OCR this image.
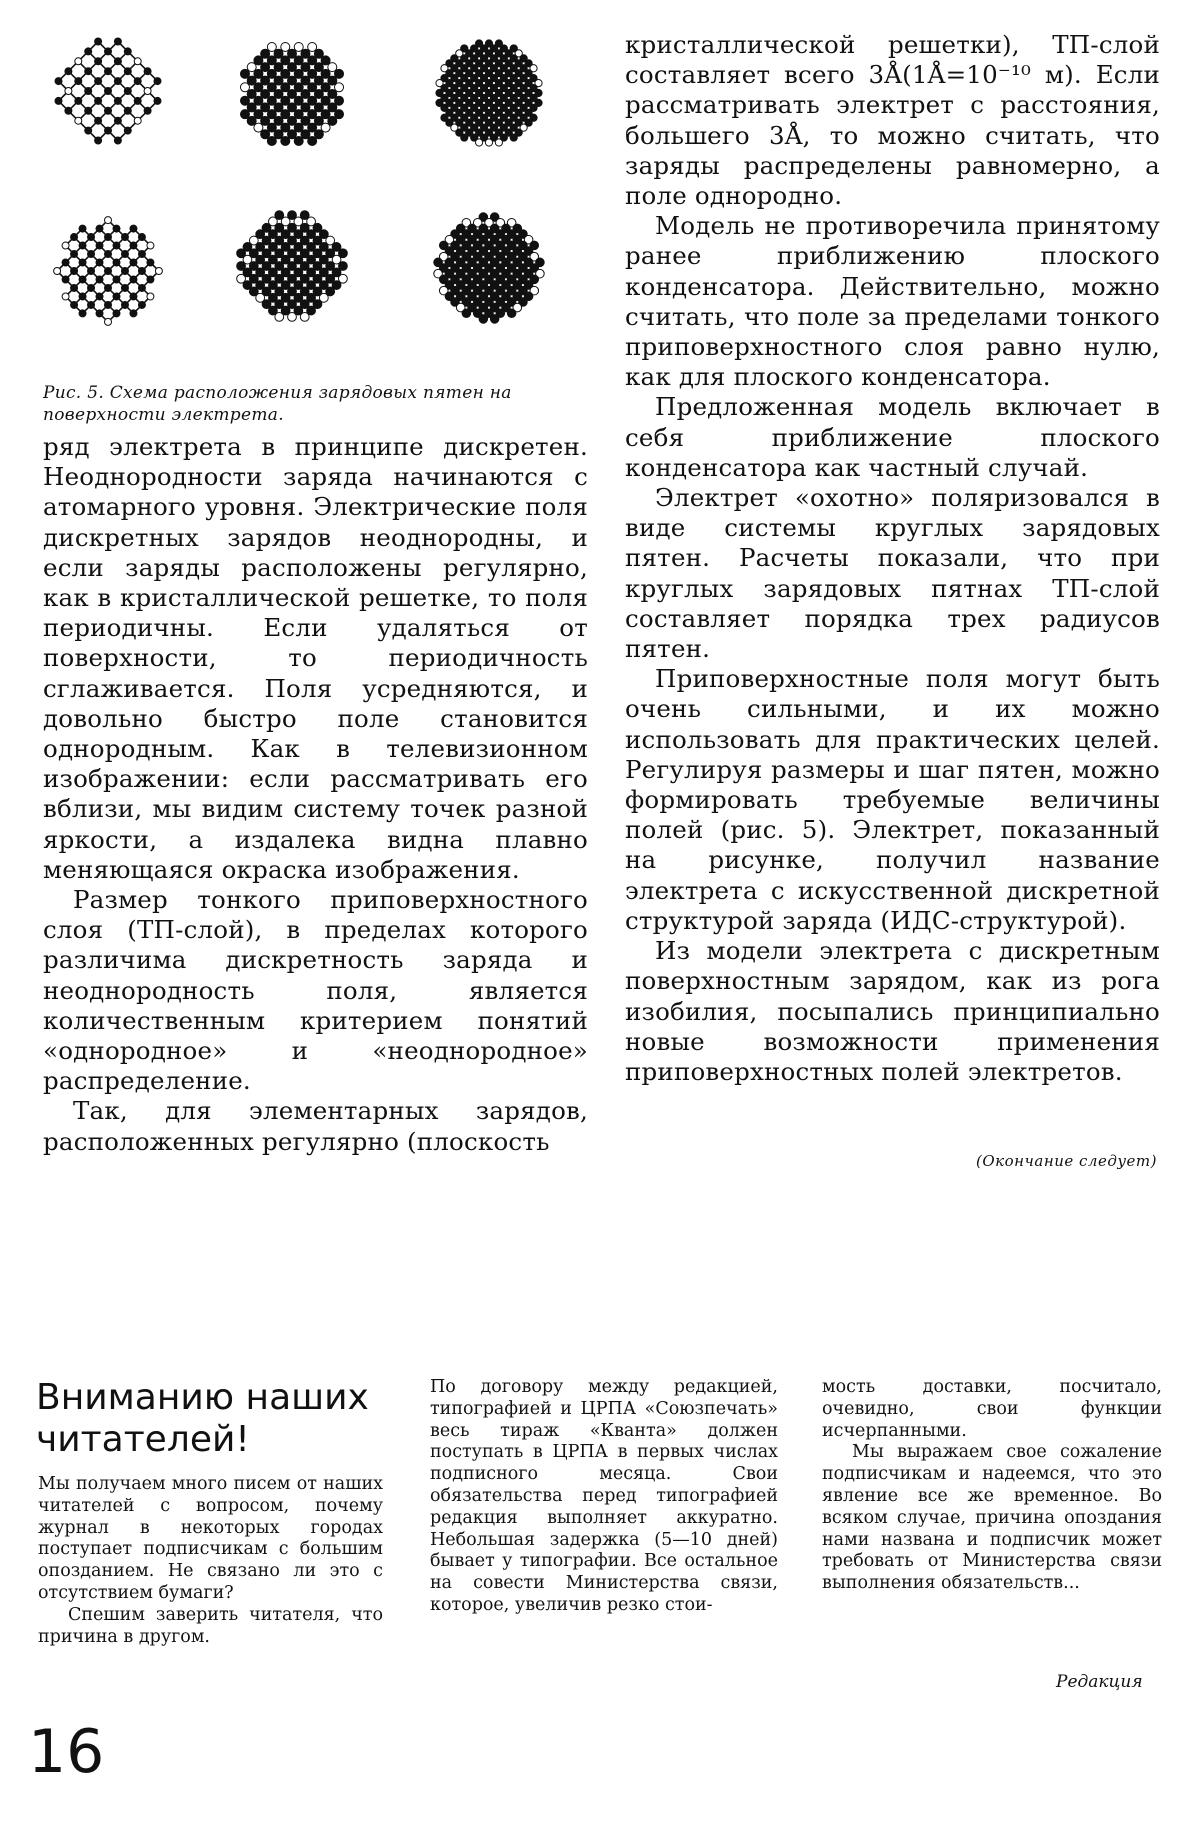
Рис. 5. Схема расположения зарядовых пятен на поверхности электрета.

ряд электрета в принципе дискретен. Неоднородности заряда начинаются с атомарного уровня. Электрические поля дискретных зарядов неоднородны, и если заряды расположены регулярно, как в кристаллической решетке, то поля периодичны. Если удаляться от поверхности, то периодичность сглаживается. Поля усредняются, и довольно быстро поле становится однородным. Как в телевизионном изображении: если рассматривать его вблизи, мы видим систему точек разной яркости, а издалека видна плавно меняющаяся окраска изображения.

Размер тонкого приповерхностного слоя (ТП-слой), в пределах которого различима дискретность заряда и неоднородность поля, является количественным критерием понятий «однородное» и «неоднородное» распределение.

Так, для элементарных зарядов, расположенных регулярно (плоскость

кристаллической решетки), ТП-слой составляет всего 3Å(1Å=10⁻¹⁰ м). Если рассматривать электрет с расстояния, большего 3Å, то можно считать, что заряды распределены равномерно, а поле однородно.

Модель не противоречила принятому ранее приближению плоского конденсатора. Действительно, можно считать, что поле за пределами тонкого приповерхностного слоя равно нулю, как для плоского конденсатора.

Предложенная модель включает в себя приближение плоского конденсатора как частный случай.

Электрет «охотно» поляризовался в виде системы круглых зарядовых пятен. Расчеты показали, что при круглых зарядовых пятнах ТП-слой составляет порядка трех радиусов пятен.

Приповерхностные поля могут быть очень сильными, и их можно использовать для практических целей. Регулируя размеры и шаг пятен, можно формировать требуемые величины полей (рис. 5). Электрет, показанный на рисунке, получил название электрета с искусственной дискретной структурой заряда (ИДС-структурой).

Из модели электрета с дискретным поверхностным зарядом, как из рога изобилия, посыпались принципиально новые возможности применения приповерхностных полей электретов.

(Окончание следует)
Вниманию наших читателей!

Мы получаем много писем от наших читателей с вопросом, почему журнал в некоторых городах поступает подписчикам с большим опозданием. Не связано ли это с отсутствием бумаги?

Спешим заверить читателя, что причина в другом.

По договору между редакцией, типографией и ЦРПА «Союзпечать» весь тираж «Кванта» должен поступать в ЦРПА в первых числах подписного месяца. Свои обязательства перед типографией редакция выполняет аккуратно. Небольшая задержка (5—10 дней) бывает у типографии. Все остальное на совести Министерства связи, которое, увеличив резко стои-

мость доставки, посчитало, очевидно, свои функции исчерпанными.

Мы выражаем свое сожаление подписчикам и надеемся, что это явление все же временное. Во всяком случае, причина опоздания нами названа и подписчик может требовать от Министерства связи выполнения обязательств...

Редакция
16
